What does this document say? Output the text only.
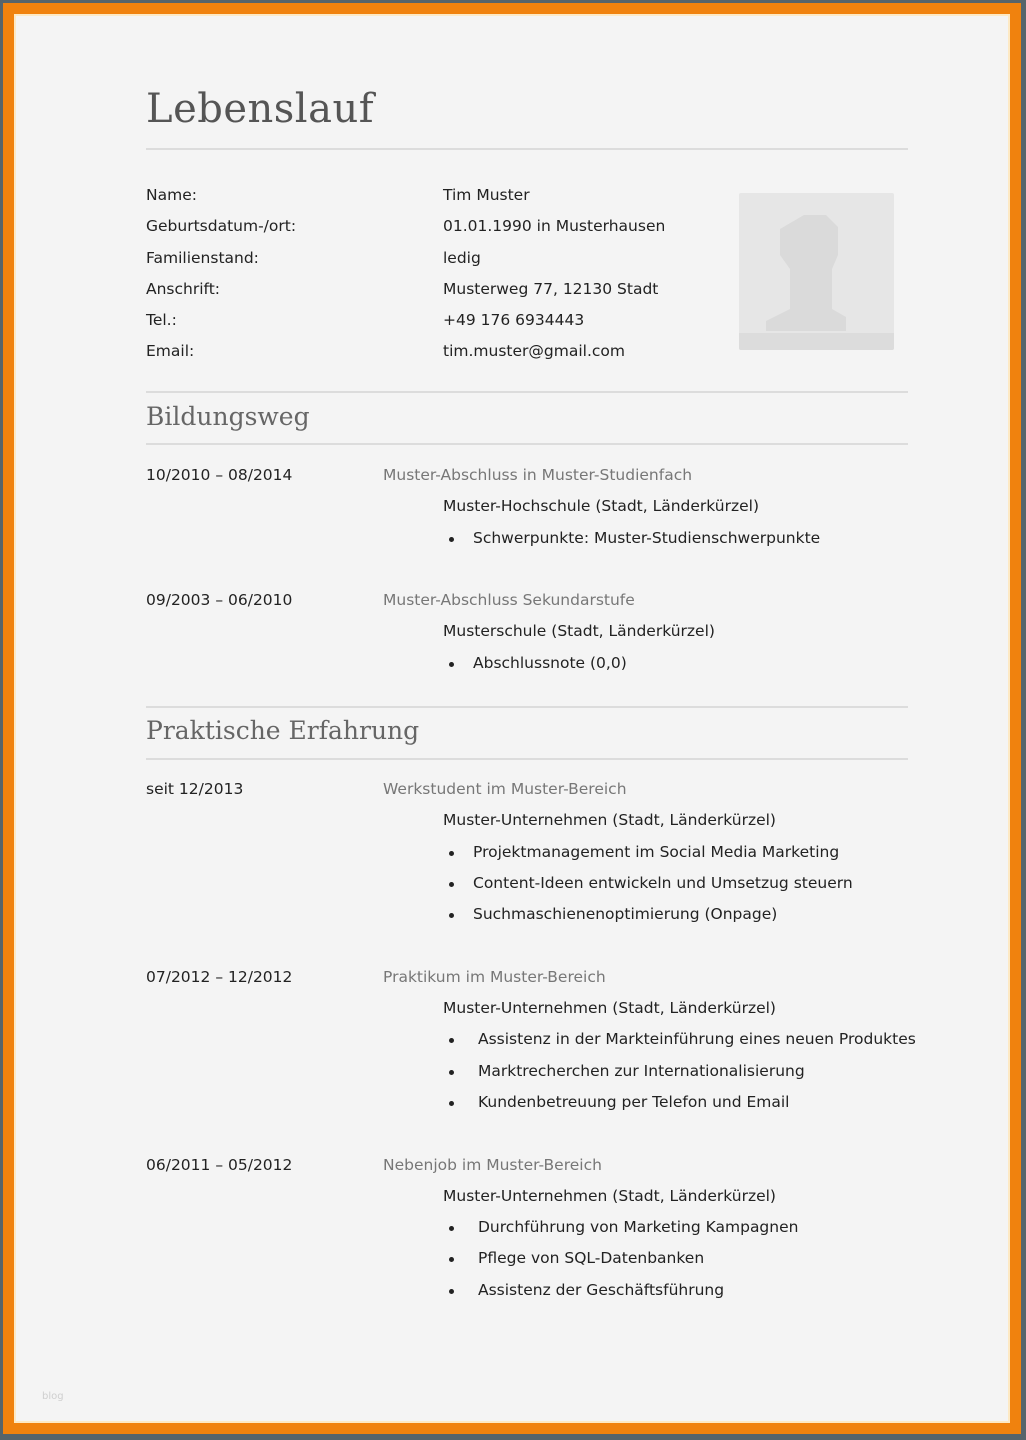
Lebenslauf
Name:	Tim Muster
Geburtsdatum-/ort:	01.01.1990 in Musterhausen
Familienstand:	ledig
Anschrift:	Musterweg 77, 12130 Stadt
Tel.:	+49 176 6934443
Email:	tim.muster@gmail.com
Bildungsweg
10/2010 – 08/2014	Muster-Abschluss in Muster-Studienfach
Muster-Hochschule (Stadt, Länderkürzel)
Schwerpunkte: Muster-Studienschwerpunkte
09/2003 – 06/2010	Muster-Abschluss Sekundarstufe
Musterschule (Stadt, Länderkürzel)
Abschlussnote (0,0)
Praktische Erfahrung
seit 12/2013	Werkstudent im Muster-Bereich
Muster-Unternehmen (Stadt, Länderkürzel)
Projektmanagement im Social Media Marketing
Content-Ideen entwickeln und Umsetzug steuern
Suchmaschienenoptimierung (Onpage)
07/2012 – 12/2012	Praktikum im Muster-Bereich
Muster-Unternehmen (Stadt, Länderkürzel)
Assistenz in der Markteinführung eines neuen Produktes
Marktrecherchen zur Internationalisierung
Kundenbetreuung per Telefon und Email
06/2011 – 05/2012	Nebenjob im Muster-Bereich
Muster-Unternehmen (Stadt, Länderkürzel)
Durchführung von Marketing Kampagnen
Pflege von SQL-Datenbanken
Assistenz der Geschäftsführung
blog
